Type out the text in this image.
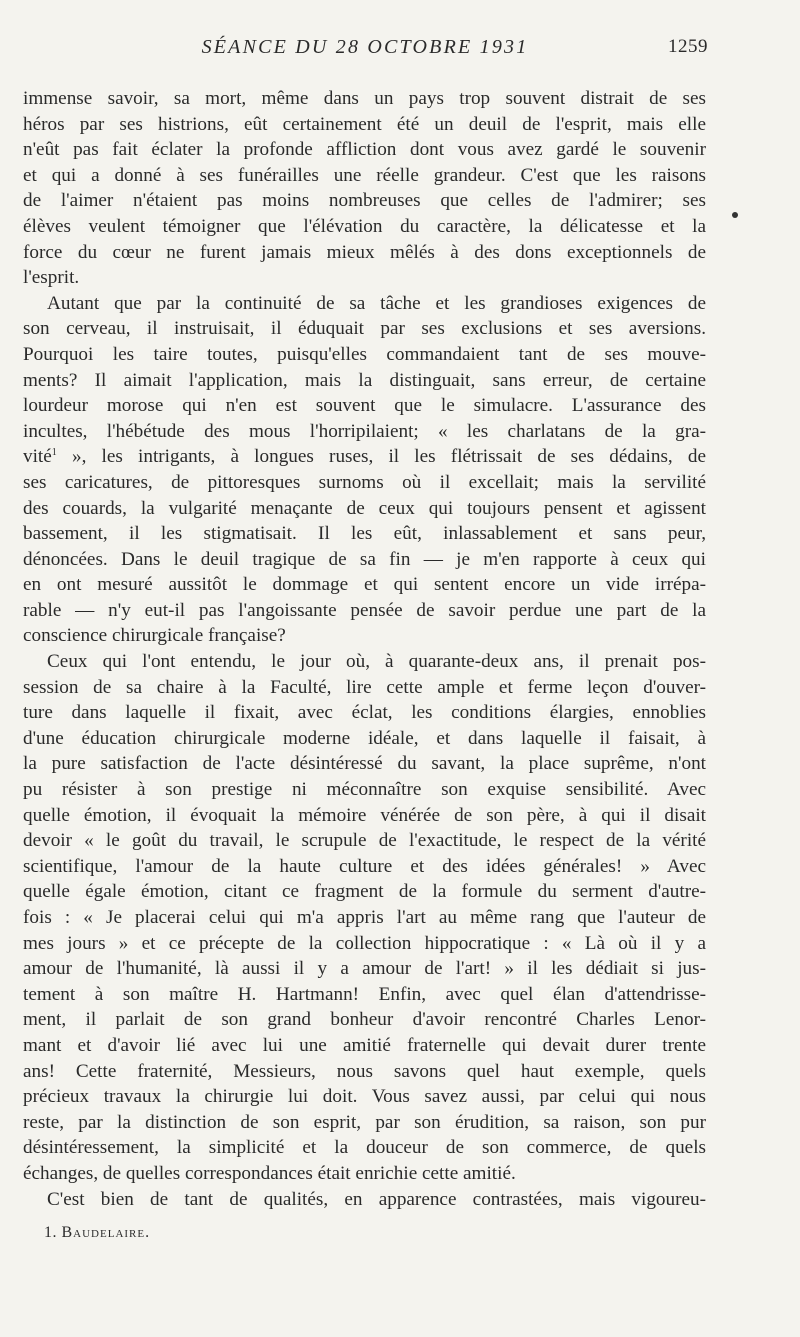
SÉANCE DU 28 OCTOBRE 1931	1259
immense savoir, sa mort, même dans un pays trop souvent distrait de ses
héros par ses histrions, eût certainement été un deuil de l'esprit, mais elle
n'eût pas fait éclater la profonde affliction dont vous avez gardé le souvenir
et qui a donné à ses funérailles une réelle grandeur. C'est que les raisons
de l'aimer n'étaient pas moins nombreuses que celles de l'admirer; ses
élèves veulent témoigner que l'élévation du caractère, la délicatesse et la
force du cœur ne furent jamais mieux mêlés à des dons exceptionnels de
l'esprit.
Autant que par la continuité de sa tâche et les grandioses exigences de
son cerveau, il instruisait, il éduquait par ses exclusions et ses aversions.
Pourquoi les taire toutes, puisqu'elles commandaient tant de ses mouve-
ments? Il aimait l'application, mais la distinguait, sans erreur, de certaine
lourdeur morose qui n'en est souvent que le simulacre. L'assurance des
incultes, l'hébétude des mous l'horripilaient; « les charlatans de la gra-
vité$^1$ », les intrigants, à longues ruses, il les flétrissait de ses dédains, de
ses caricatures, de pittoresques surnoms où il excellait; mais la servilité
des couards, la vulgarité menaçante de ceux qui toujours pensent et agissent
bassement, il les stigmatisait. Il les eût, inlassablement et sans peur,
dénoncées. Dans le deuil tragique de sa fin — je m'en rapporte à ceux qui
en ont mesuré aussitôt le dommage et qui sentent encore un vide irrépa-
rable — n'y eut-il pas l'angoissante pensée de savoir perdue une part de la
conscience chirurgicale française?
Ceux qui l'ont entendu, le jour où, à quarante-deux ans, il prenait pos-
session de sa chaire à la Faculté, lire cette ample et ferme leçon d'ouver-
ture dans laquelle il fixait, avec éclat, les conditions élargies, ennoblies
d'une éducation chirurgicale moderne idéale, et dans laquelle il faisait, à
la pure satisfaction de l'acte désintéressé du savant, la place suprême, n'ont
pu résister à son prestige ni méconnaître son exquise sensibilité. Avec
quelle émotion, il évoquait la mémoire vénérée de son père, à qui il disait
devoir « le goût du travail, le scrupule de l'exactitude, le respect de la vérité
scientifique, l'amour de la haute culture et des idées générales! » Avec
quelle égale émotion, citant ce fragment de la formule du serment d'autre-
fois : « Je placerai celui qui m'a appris l'art au même rang que l'auteur de
mes jours » et ce précepte de la collection hippocratique : « Là où il y a
amour de l'humanité, là aussi il y a amour de l'art! » il les dédiait si jus-
tement à son maître H. Hartmann! Enfin, avec quel élan d'attendrisse-
ment, il parlait de son grand bonheur d'avoir rencontré Charles Lenor-
mant et d'avoir lié avec lui une amitié fraternelle qui devait durer trente
ans! Cette fraternité, Messieurs, nous savons quel haut exemple, quels
précieux travaux la chirurgie lui doit. Vous savez aussi, par celui qui nous
reste, par la distinction de son esprit, par son érudition, sa raison, son pur
désintéressement, la simplicité et la douceur de son commerce, de quels
échanges, de quelles correspondances était enrichie cette amitié.
C'est bien de tant de qualités, en apparence contrastées, mais vigoureu-
1. Baudelaire.
